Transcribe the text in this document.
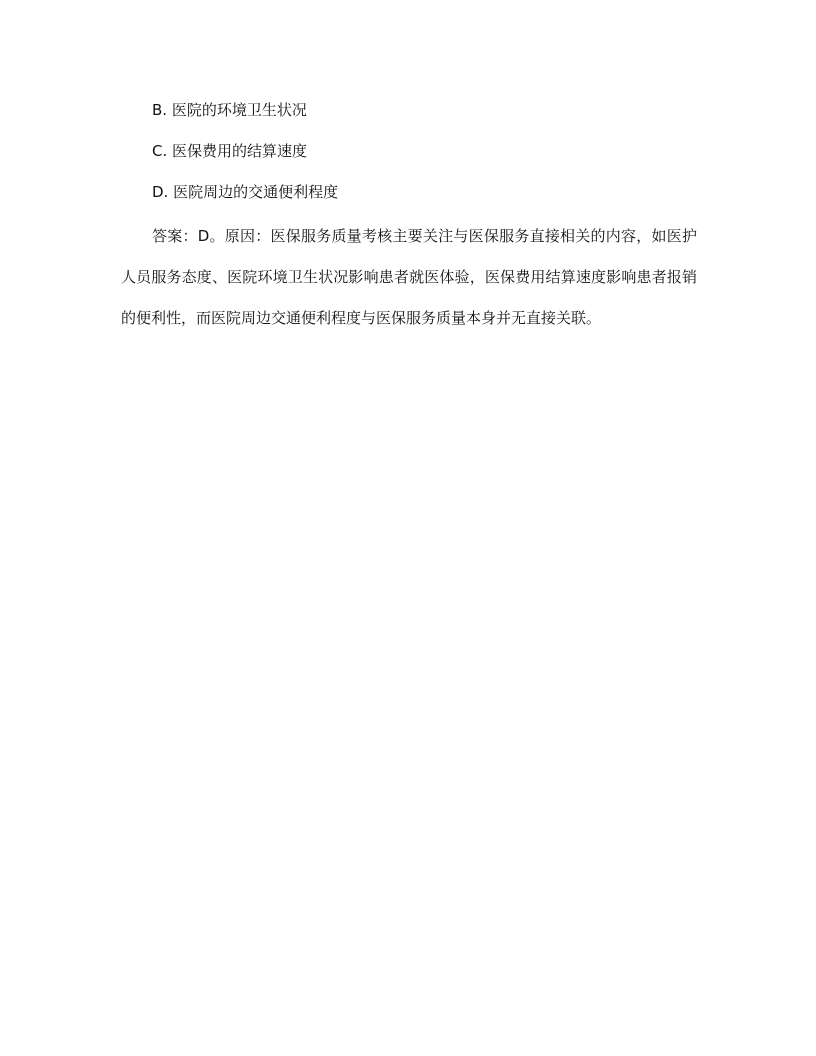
B. 医院的环境卫生状况

C. 医保费用的结算速度

D. 医院周边的交通便利程度

答案：D。原因：医保服务质量考核主要关注与医保服务直接相关的内容，如医护人员服务态度、医院环境卫生状况影响患者就医体验，医保费用结算速度影响患者报销的便利性，而医院周边交通便利程度与医保服务质量本身并无直接关联。
